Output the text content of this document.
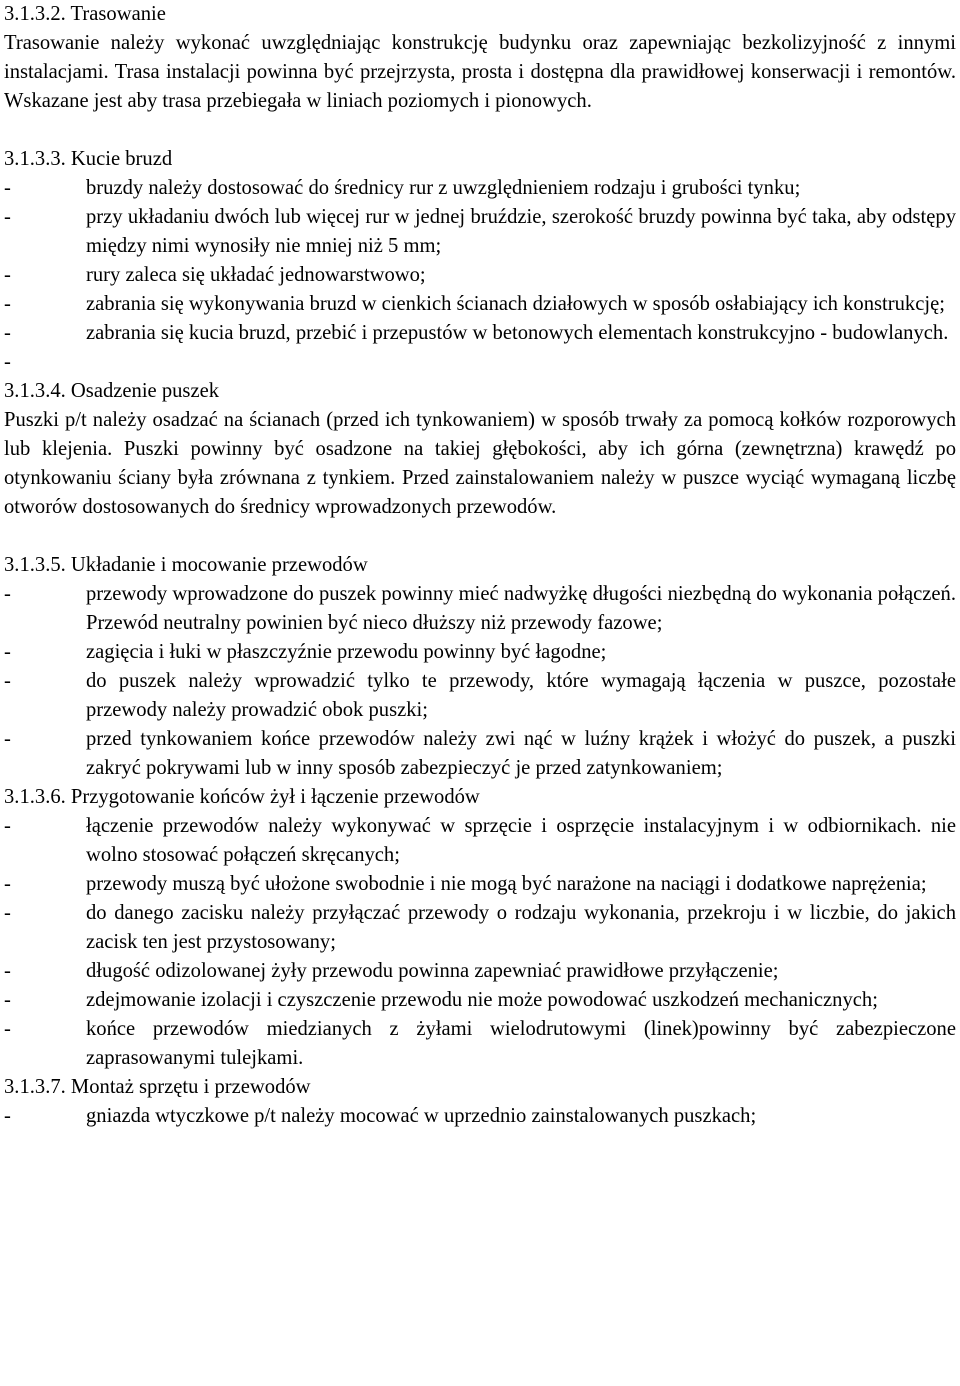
3.1.3.2. Trasowanie

Trasowanie należy wykonać uwzględniając konstrukcję budynku oraz zapewniając bezkolizyjność z innymi instalacjami. Trasa instalacji powinna być przejrzysta, prosta i dostępna dla prawidłowej konserwacji i remontów. Wskazane jest aby trasa przebiegała w liniach poziomych i pionowych.

3.1.3.3. Kucie bruzd

-	bruzdy należy dostosować do średnicy rur z uwzględnieniem rodzaju i grubości tynku;
-	przy układaniu dwóch lub więcej rur w jednej bruździe, szerokość bruzdy powinna być taka, aby odstępy między nimi wynosiły nie mniej niż 5 mm;
-	rury zaleca się układać jednowarstwowo;
-	zabrania się wykonywania bruzd w cienkich ścianach działowych w sposób osłabiający ich konstrukcję;
-	zabrania się kucia bruzd, przebić i przepustów w betonowych elementach konstrukcyjno - budowlanych.
-

3.1.3.4. Osadzenie puszek

Puszki p/t należy osadzać na ścianach (przed ich tynkowaniem) w sposób trwały za pomocą kołków rozporowych lub klejenia. Puszki powinny być osadzone na takiej głębokości, aby ich górna (zewnętrzna) krawędź po otynkowaniu ściany była zrównana z tynkiem. Przed zainstalowaniem należy w puszce wyciąć wymaganą liczbę otworów dostosowanych do średnicy wprowadzonych przewodów.

3.1.3.5. Układanie i mocowanie przewodów

-	przewody wprowadzone do puszek powinny mieć nadwyżkę długości niezbędną do wykonania połączeń. Przewód neutralny powinien być nieco dłuższy niż przewody fazowe;
-	zagięcia i łuki w płaszczyźnie przewodu powinny być łagodne;
-	do puszek należy wprowadzić tylko te przewody, które wymagają łączenia w puszce, pozostałe przewody należy prowadzić obok puszki;
-	przed tynkowaniem końce przewodów należy zwi nąć w luźny krążek i włożyć do puszek, a puszki zakryć pokrywami lub w inny sposób zabezpieczyć je przed zatynkowaniem;

3.1.3.6. Przygotowanie końców żył i łączenie przewodów

-	łączenie przewodów należy wykonywać w sprzęcie i osprzęcie instalacyjnym i w odbiornikach. nie wolno stosować połączeń skręcanych;
-	przewody muszą być ułożone swobodnie i nie mogą być narażone na naciągi i dodatkowe naprężenia;
-	do danego zacisku należy przyłączać przewody o rodzaju wykonania, przekroju i w liczbie, do jakich zacisk ten jest przystosowany;
-	długość odizolowanej żyły przewodu powinna zapewniać prawidłowe przyłączenie;
-	zdejmowanie izolacji i czyszczenie przewodu nie może powodować uszkodzeń mechanicznych;
-	końce przewodów miedzianych z żyłami wielodrutowymi (linek)powinny być zabezpieczone zaprasowanymi tulejkami.

3.1.3.7. Montaż sprzętu i przewodów

-	gniazda wtyczkowe p/t należy mocować w uprzednio zainstalowanych puszkach;
